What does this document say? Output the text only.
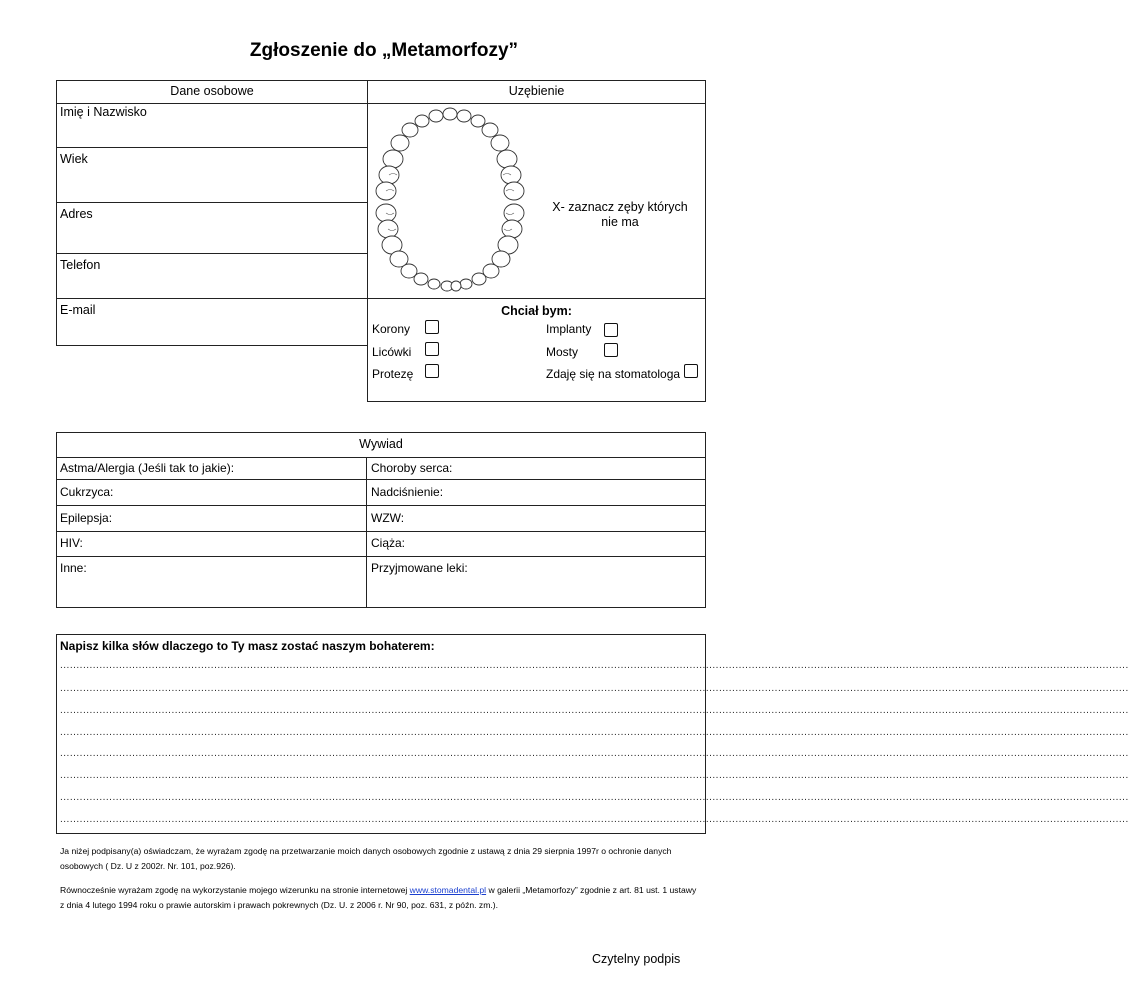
Zgłoszenie do „Metamorfozy”
Dane osobowe
Imię i Nazwisko
Wiek
Adres
Telefon
E-mail
Uzębienie
X- zaznacz zęby których
nie ma
Chciał bym:
Korony	Implanty
Licówki	Mosty
Protezę	Zdaję się na stomatologa
Wywiad
Astma/Alergia (Jeśli tak to jakie):	Choroby serca:
Cukrzyca:	Nadciśnienie:
Epilepsja:	WZW:
HIV:	Ciąża:
Inne:	Przyjmowane leki:
Napisz kilka słów dlaczego to Ty masz zostać naszym bohaterem:
......................................................................................................................................................................................................................................................................................................................................
......................................................................................................................................................................................................................................................................................................................................
......................................................................................................................................................................................................................................................................................................................................
......................................................................................................................................................................................................................................................................................................................................
......................................................................................................................................................................................................................................................................................................................................
......................................................................................................................................................................................................................................................................................................................................
......................................................................................................................................................................................................................................................................................................................................
......................................................................................................................................................................................................................................................................................................................................
Ja niżej podpisany(a) oświadczam, że wyrażam zgodę na przetwarzanie moich danych osobowych zgodnie z ustawą z dnia 29 sierpnia 1997r o ochronie danych osobowych ( Dz. U z 2002r. Nr. 101, poz.926).
Równocześnie wyrażam zgodę na wykorzystanie mojego wizerunku na stronie internetowej www.stomadental.pl w galerii „Metamorfozy” zgodnie z art. 81 ust. 1 ustawy z dnia 4 lutego 1994 roku o prawie autorskim i prawach pokrewnych (Dz. U. z 2006 r. Nr 90, poz. 631, z późn. zm.).
Czytelny podpis
